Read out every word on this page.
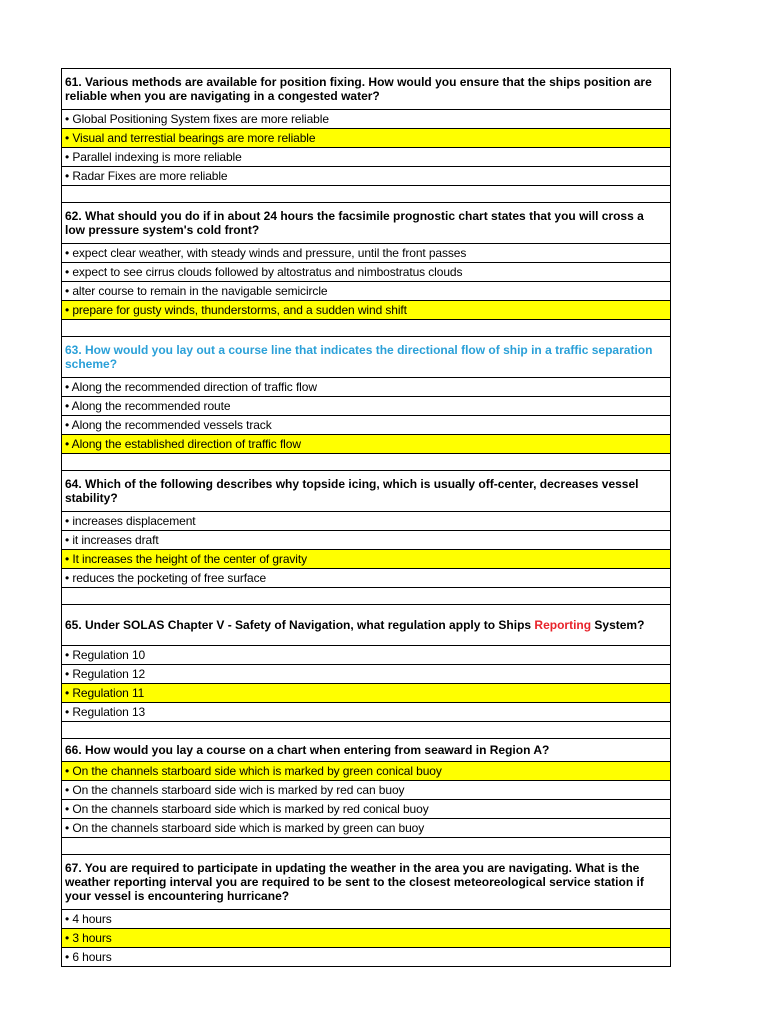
61. Various methods are available for position fixing. How would you ensure that the ships position are reliable when you are navigating in a congested water?
• Global Positioning System fixes are more reliable
• Visual and terrestial bearings are more reliable
• Parallel indexing is more reliable
• Radar Fixes are more reliable

62. What should you do if in about 24 hours the facsimile prognostic chart states that you will cross a low pressure system's cold front?
• expect clear weather, with steady winds and pressure, until the front passes
• expect to see cirrus clouds followed by altostratus and nimbostratus clouds
• alter course to remain in the navigable semicircle
• prepare for gusty winds, thunderstorms, and a sudden wind shift

63. How would you lay out a course line that indicates the directional flow of ship in a traffic separation scheme?
• Along the recommended direction of traffic flow
• Along the recommended route
• Along the recommended vessels track
• Along the established direction of traffic flow

64. Which of the following describes why topside icing, which is usually off-center, decreases vessel stability?
• increases displacement
• it increases draft
• It increases the height of the center of gravity
• reduces the pocketing of free surface

65. Under SOLAS Chapter V - Safety of Navigation, what regulation apply to Ships Reporting System?
• Regulation 10
• Regulation 12
• Regulation 11
• Regulation 13

66. How would you lay a course on a chart when entering from seaward in Region A?
• On the channels starboard side which is marked by green conical buoy
• On the channels starboard side wich is marked by red can buoy
• On the channels starboard side which is marked by red conical buoy
• On the channels starboard side which is marked by green can buoy

67. You are required to participate in updating the weather in the area you are navigating. What is the weather reporting interval you are required to be sent to the closest meteoreological service station if your vessel is encountering hurricane?
• 4 hours
• 3 hours
• 6 hours
